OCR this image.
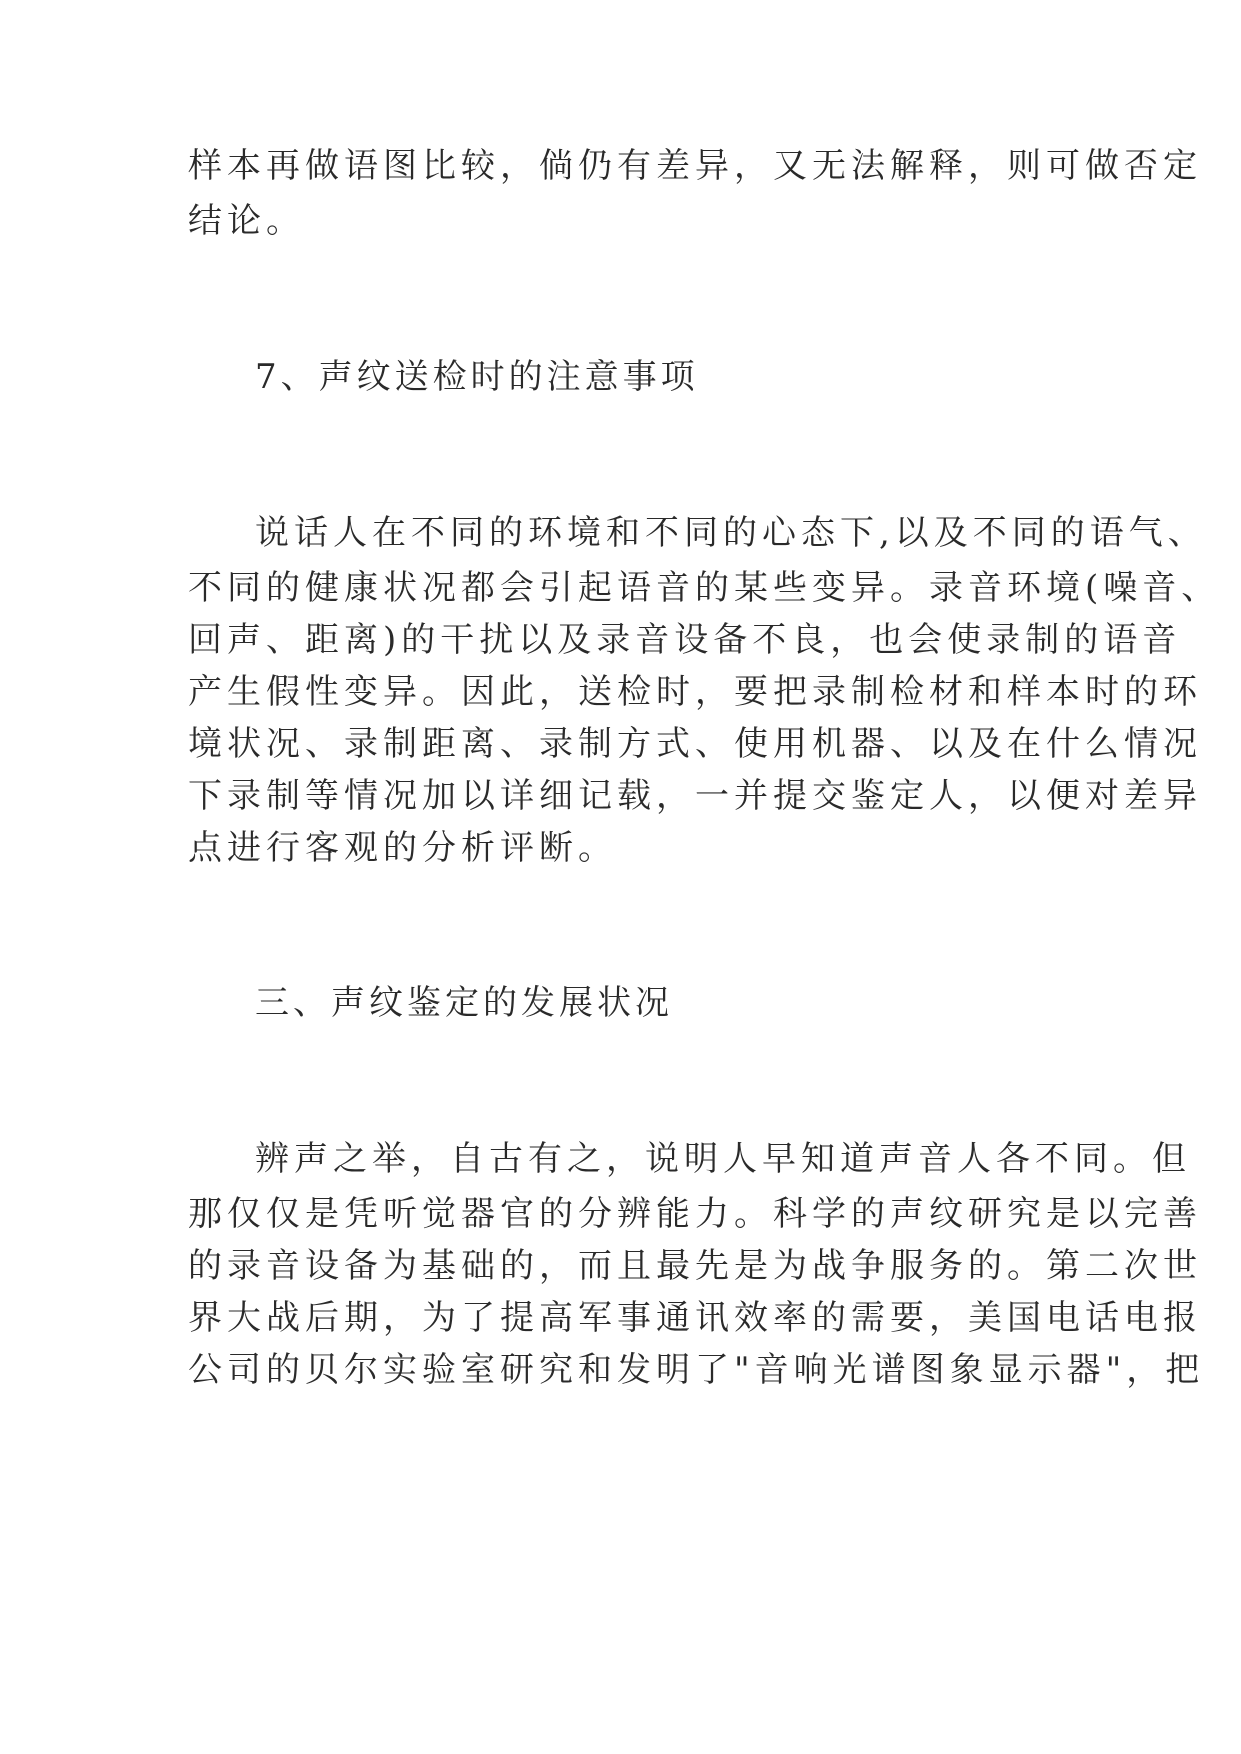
样本再做语图比较，倘仍有差异，又无法解释，则可做否定
结论。
7、声纹送检时的注意事项
说话人在不同的环境和不同的心态下,以及不同的语气、
不同的健康状况都会引起语音的某些变异。录音环境(噪音、
回声、距离)的干扰以及录音设备不良，也会使录制的语音
产生假性变异。因此，送检时，要把录制检材和样本时的环
境状况、录制距离、录制方式、使用机器、以及在什么情况
下录制等情况加以详细记载，一并提交鉴定人，以便对差异
点进行客观的分析评断。
三、声纹鉴定的发展状况
辨声之举，自古有之，说明人早知道声音人各不同。但
那仅仅是凭听觉器官的分辨能力。科学的声纹研究是以完善
的录音设备为基础的，而且最先是为战争服务的。第二次世
界大战后期，为了提高军事通讯效率的需要，美国电话电报
公司的贝尔实验室研究和发明了"音响光谱图象显示器"，把
